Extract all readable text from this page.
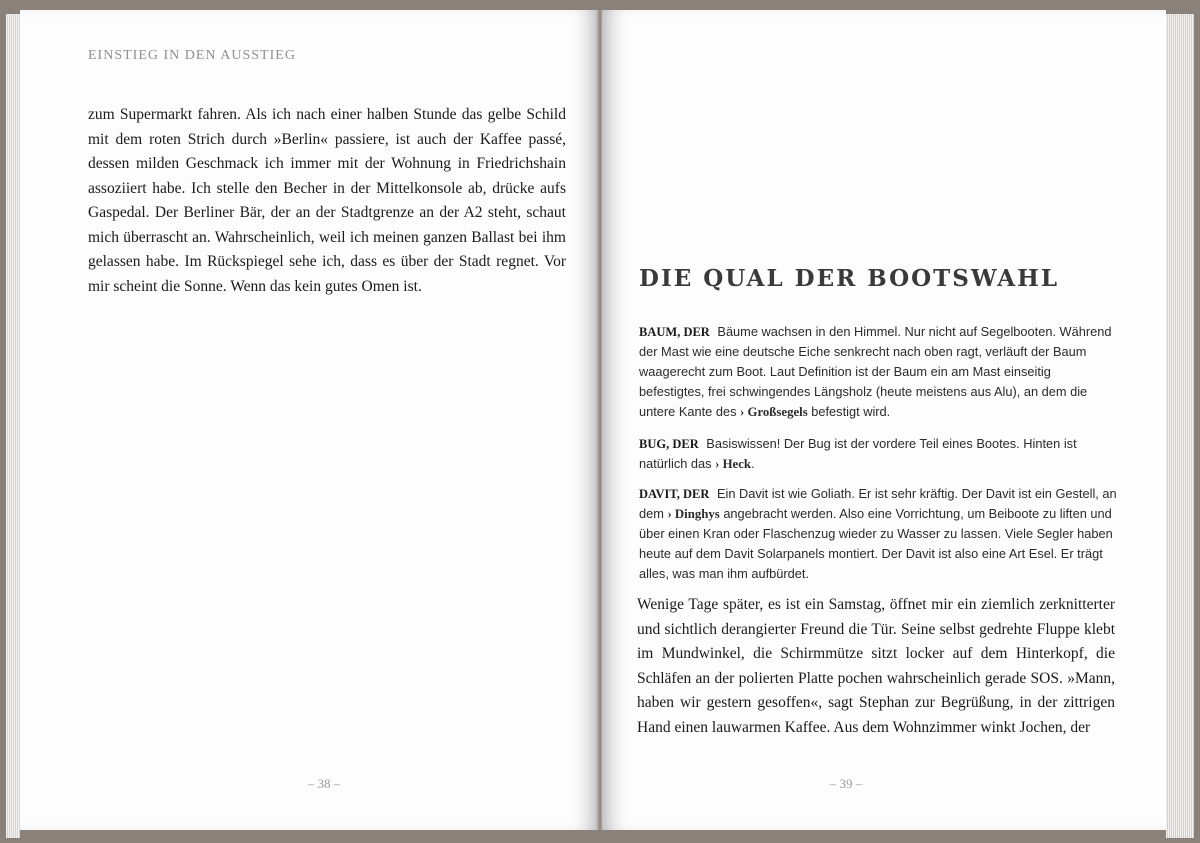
EINSTIEG IN DEN AUSSTIEG
zum Supermarkt fahren. Als ich nach einer halben Stunde das gelbe Schild mit dem roten Strich durch »Berlin« passiere, ist auch der Kaffee passé, dessen milden Geschmack ich immer mit der Wohnung in Friedrichshain assoziiert habe. Ich stelle den Becher in der Mittelkonsole ab, drücke aufs Gaspedal. Der Berliner Bär, der an der Stadtgrenze an der A2 steht, schaut mich überrascht an. Wahrscheinlich, weil ich meinen ganzen Ballast bei ihm gelassen habe. Im Rückspiegel sehe ich, dass es über der Stadt regnet. Vor mir scheint die Sonne. Wenn das kein gutes Omen ist.
– 38 –
DIE QUAL DER BOOTSWAHL

BAUM, DER Bäume wachsen in den Himmel. Nur nicht auf Segelbooten. Während der Mast wie eine deutsche Eiche senkrecht nach oben ragt, verläuft der Baum waagerecht zum Boot. Laut Definition ist der Baum ein am Mast einseitig befestigtes, frei schwingendes Längsholz (heute meistens aus Alu), an dem die untere Kante des › Großsegels befestigt wird.

BUG, DER Basiswissen! Der Bug ist der vordere Teil eines Bootes. Hinten ist natürlich das › Heck.

DAVIT, DER Ein Davit ist wie Goliath. Er ist sehr kräftig. Der Davit ist ein Gestell, an dem › Dinghys angebracht werden. Also eine Vorrichtung, um Beiboote zu liften und über einen Kran oder Flaschenzug wieder zu Wasser zu lassen. Viele Segler haben heute auf dem Davit Solarpanels montiert. Der Davit ist also eine Art Esel. Er trägt alles, was man ihm aufbürdet.

Wenige Tage später, es ist ein Samstag, öffnet mir ein ziemlich zerknitterter und sichtlich derangierter Freund die Tür. Seine selbst gedrehte Fluppe klebt im Mundwinkel, die Schirmmütze sitzt locker auf dem Hinterkopf, die Schläfen an der polierten Platte pochen wahrscheinlich gerade SOS. »Mann, haben wir gestern gesoffen«, sagt Stephan zur Begrüßung, in der zittrigen Hand einen lauwarmen Kaffee. Aus dem Wohnzimmer winkt Jochen, der
– 39 –
